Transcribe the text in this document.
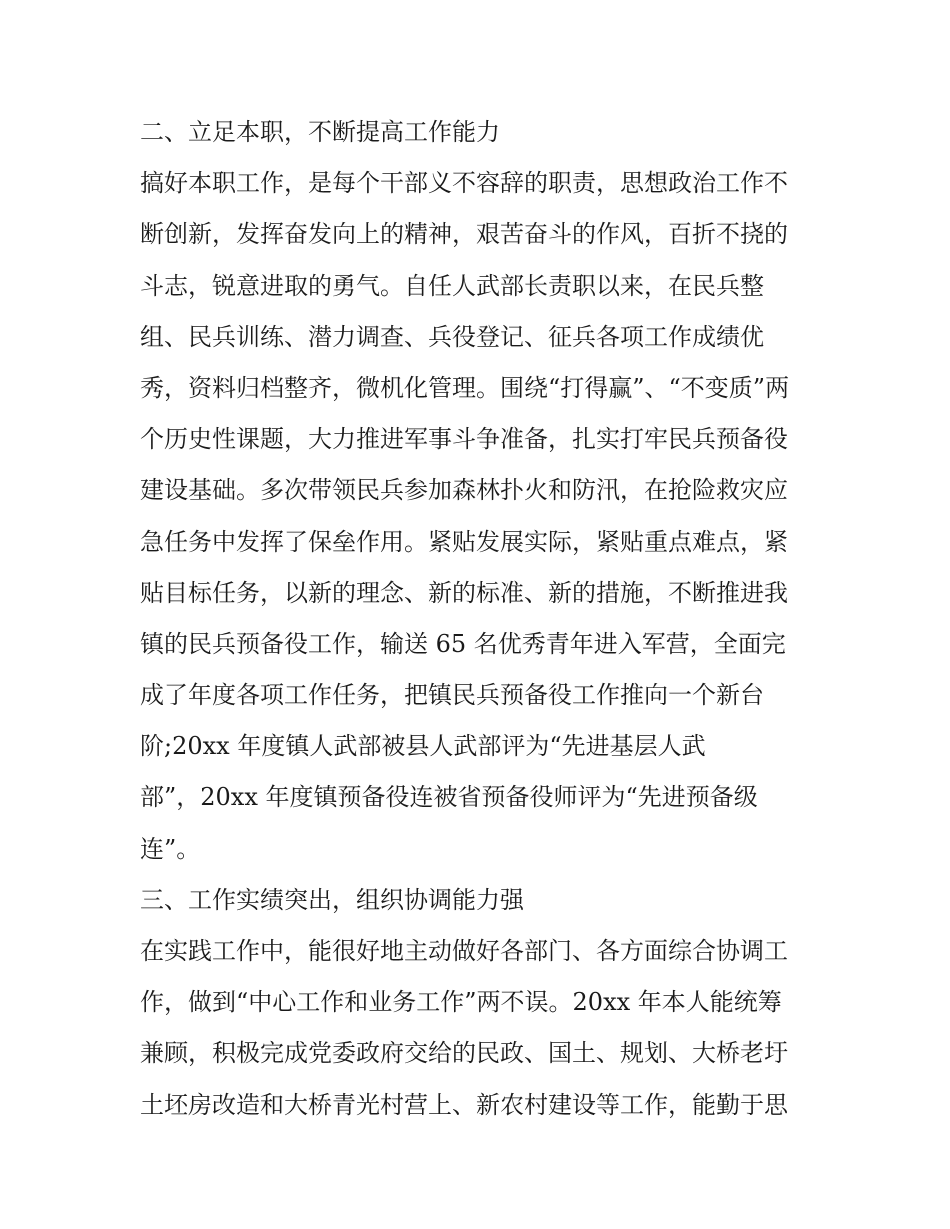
二、立足本职，不断提高工作能力
搞好本职工作，是每个干部义不容辞的职责，思想政治工作不
断创新，发挥奋发向上的精神，艰苦奋斗的作风，百折不挠的
斗志，锐意进取的勇气。自任人武部长责职以来，在民兵整
组、民兵训练、潜力调查、兵役登记、征兵各项工作成绩优
秀，资料归档整齐，微机化管理。围绕“打得赢”、“不变质”两
个历史性课题，大力推进军事斗争准备，扎实打牢民兵预备役
建设基础。多次带领民兵参加森林扑火和防汛，在抢险救灾应
急任务中发挥了保垒作用。紧贴发展实际，紧贴重点难点，紧
贴目标任务，以新的理念、新的标准、新的措施，不断推进我
镇的民兵预备役工作，输送 65 名优秀青年进入军营，全面完
成了年度各项工作任务，把镇民兵预备役工作推向一个新台
阶;20xx 年度镇人武部被县人武部评为“先进基层人武
部”，20xx 年度镇预备役连被省预备役师评为“先进预备级
连”。
三、工作实绩突出，组织协调能力强
在实践工作中，能很好地主动做好各部门、各方面综合协调工
作，做到“中心工作和业务工作”两不误。20xx 年本人能统筹
兼顾，积极完成党委政府交给的民政、国土、规划、大桥老圩
土坯房改造和大桥青光村营上、新农村建设等工作，能勤于思
